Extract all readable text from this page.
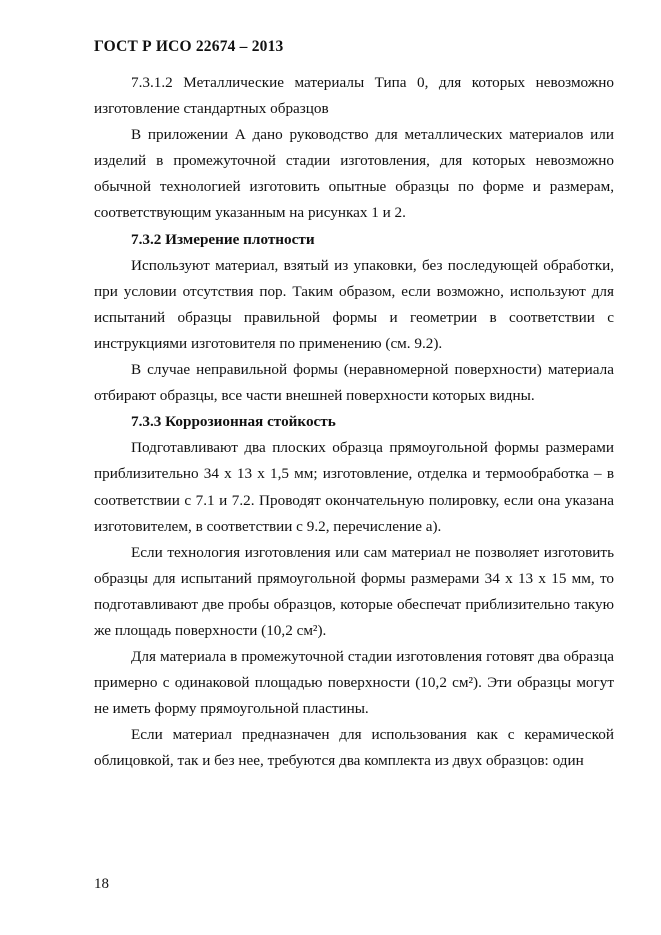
ГОСТ Р ИСО 22674 – 2013

7.3.1.2 Металлические материалы Типа 0, для которых невозможно изготовление стандартных образцов

В приложении А дано руководство для металлических материалов или изделий в промежуточной стадии изготовления, для которых невозможно обычной технологией изготовить опытные образцы по форме и размерам, соответствующим указанным на рисунках 1 и 2.

7.3.2 Измерение плотности

Используют материал, взятый из упаковки, без последующей обработки, при условии отсутствия пор. Таким образом, если возможно, используют для испытаний образцы правильной формы и геометрии в соответствии с инструкциями изготовителя по применению (см. 9.2).

В случае неправильной формы (неравномерной поверхности) материала отбирают образцы, все части внешней поверхности которых видны.

7.3.3 Коррозионная стойкость

Подготавливают два плоских образца прямоугольной формы размерами приблизительно 34 x 13 x 1,5 мм; изготовление, отделка и термообработка – в соответствии с 7.1 и 7.2. Проводят окончательную полировку, если она указана изготовителем, в соответствии с 9.2, перечисление а).

Если технология изготовления или сам материал не позволяет изготовить образцы для испытаний прямоугольной формы размерами 34 x 13 x 15 мм, то подготавливают две пробы образцов, которые обеспечат приблизительно такую же площадь поверхности (10,2 см²).

Для материала в промежуточной стадии изготовления готовят два образца примерно с одинаковой площадью поверхности (10,2 см²). Эти образцы могут не иметь форму прямоугольной пластины.

Если материал предназначен для использования как с керамической облицовкой, так и без нее, требуются два комплекта из двух образцов: один

18
